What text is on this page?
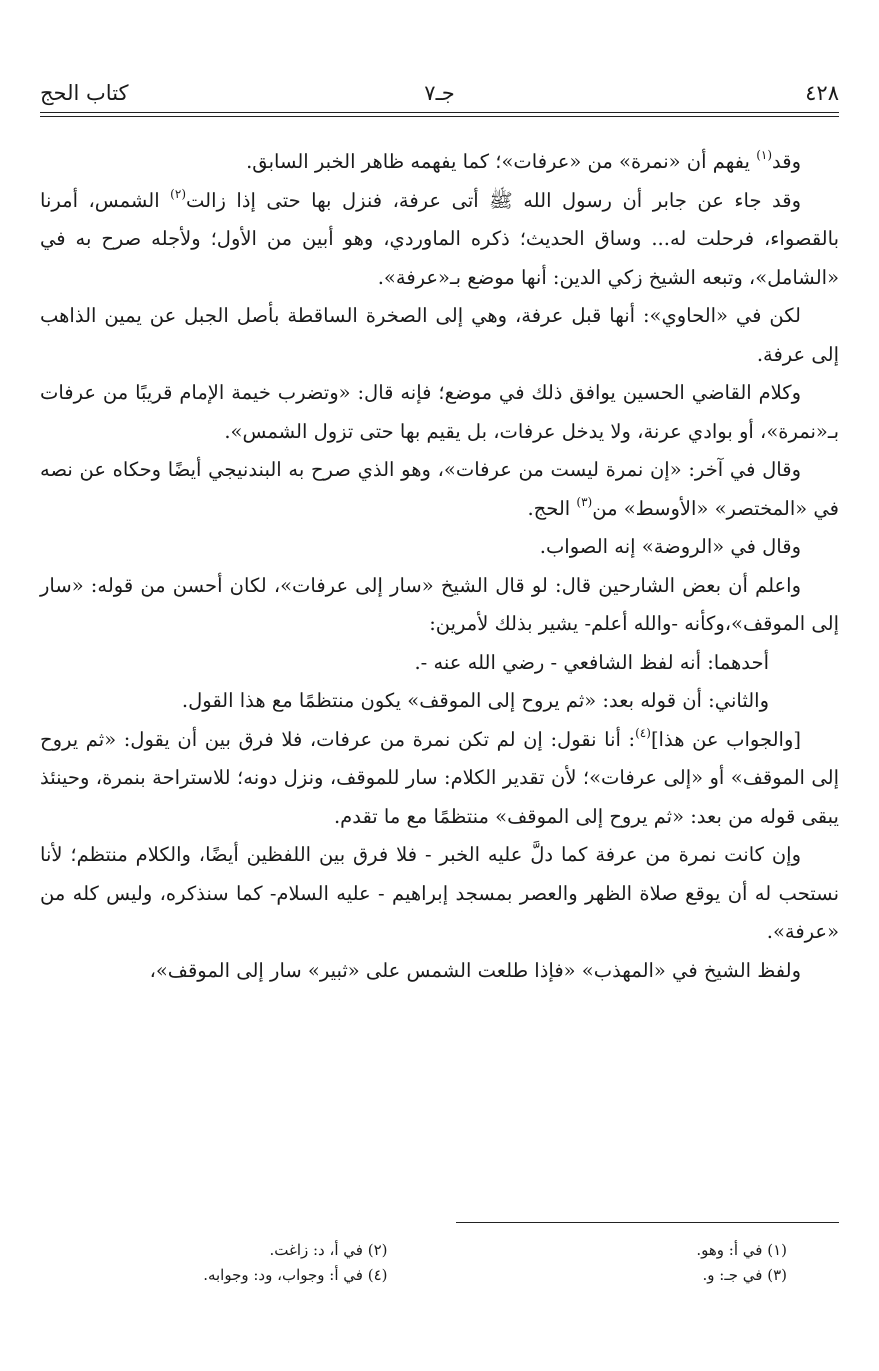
٤٢٨
جـ٧
كتاب الحج

وقد$^{(١)}$ يفهم أن «نمرة» من «عرفات»؛ كما يفهمه ظاهر الخبر السابق.

وقد جاء عن جابر أن رسول الله ﷺ أتى عرفة، فنزل بها حتى إذا زالت$^{(٢)}$ الشمس، أمرنا بالقصواء، فرحلت له... وساق الحديث؛ ذكره الماوردي، وهو أبين من الأول؛ ولأجله صرح به في «الشامل»، وتبعه الشيخ زكي الدين: أنها موضع بـ«عرفة».

لكن في «الحاوي»: أنها قبل عرفة، وهي إلى الصخرة الساقطة بأصل الجبل عن يمين الذاهب إلى عرفة.

وكلام القاضي الحسين يوافق ذلك في موضع؛ فإنه قال: «وتضرب خيمة الإمام قريبًا من عرفات بـ«نمرة»، أو بوادي عرنة، ولا يدخل عرفات، بل يقيم بها حتى تزول الشمس».

وقال في آخر: «إن نمرة ليست من عرفات»، وهو الذي صرح به البندنيجي أيضًا وحكاه عن نصه في «المختصر» «الأوسط» من$^{(٣)}$ الحج.

وقال في «الروضة» إنه الصواب.

واعلم أن بعض الشارحين قال: لو قال الشيخ «سار إلى عرفات»، لكان أحسن من قوله: «سار إلى الموقف»،وكأنه -والله أعلم- يشير بذلك لأمرين:

أحدهما: أنه لفظ الشافعي - رضي الله عنه -.

والثاني: أن قوله بعد: «ثم يروح إلى الموقف» يكون منتظمًا مع هذا القول.

[والجواب عن هذا]$^{(٤)}$: أنا نقول: إن لم تكن نمرة من عرفات، فلا فرق بين أن يقول: «ثم يروح إلى الموقف» أو «إلى عرفات»؛ لأن تقدير الكلام: سار للموقف، ونزل دونه؛ للاستراحة بنمرة، وحينئذ يبقى قوله من بعد: «ثم يروح إلى الموقف» منتظمًا مع ما تقدم.

وإن كانت نمرة من عرفة كما دلَّ عليه الخبر - فلا فرق بين اللفظين أيضًا، والكلام منتظم؛ لأنا نستحب له أن يوقع صلاة الظهر والعصر بمسجد إبراهيم - عليه السلام- كما سنذكره، وليس كله من «عرفة».

ولفظ الشيخ في «المهذب» «فإذا طلعت الشمس على «ثبير» سار إلى الموقف»،

(١) في أ: وهو.
(٢) في أ، د: زاغت.
(٣) في جـ: و.
(٤) في أ: وجواب، ود: وجوابه.
